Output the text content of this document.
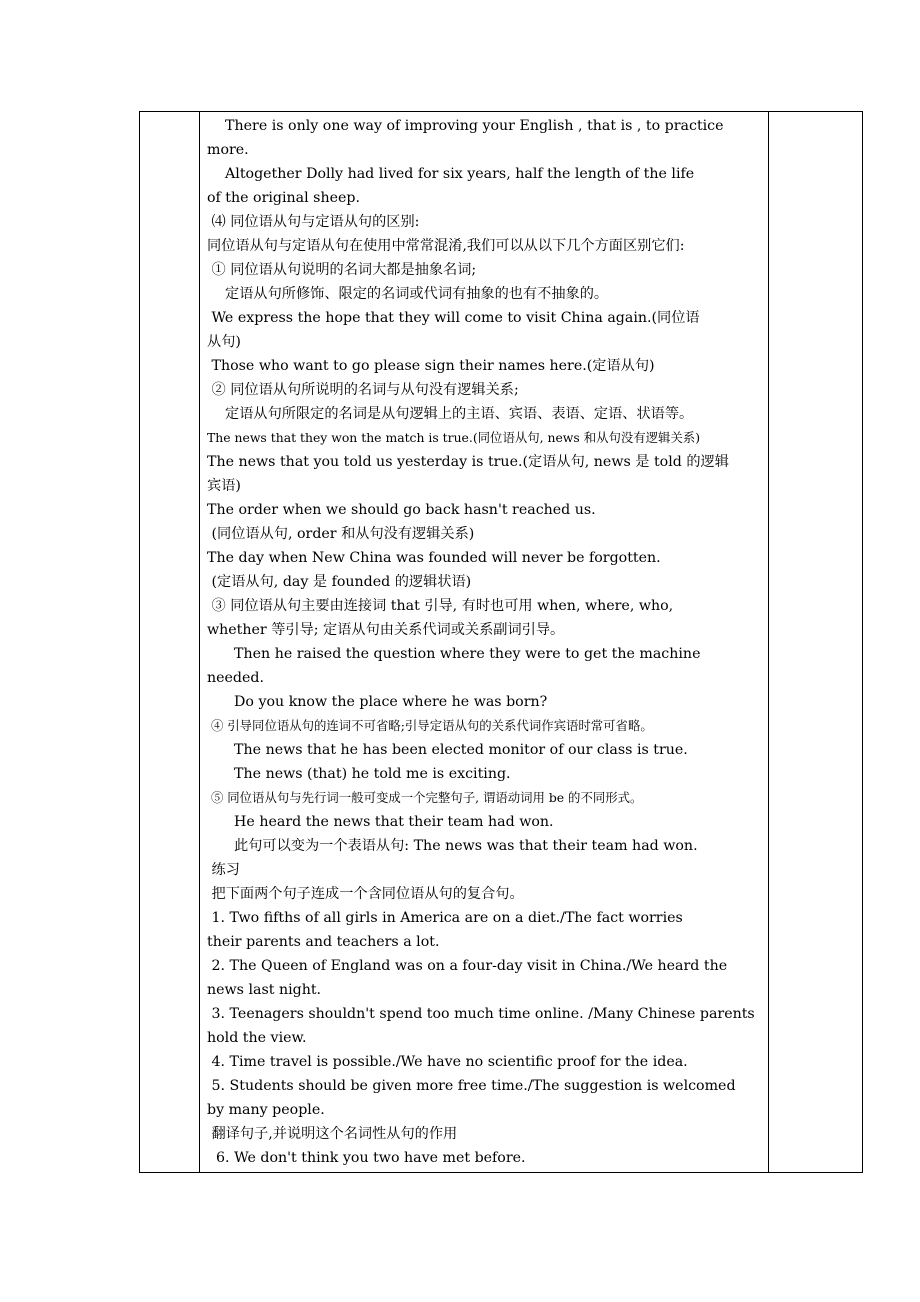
There is only one way of improving your English , that is , to practice
more.
Altogether Dolly had lived for six years, half the length of the life
of the original sheep.
⑷ 同位语从句与定语从句的区别:
同位语从句与定语从句在使用中常常混淆,我们可以从以下几个方面区别它们:
① 同位语从句说明的名词大都是抽象名词;
定语从句所修饰、限定的名词或代词有抽象的也有不抽象的。
We express the hope that they will come to visit China again.(同位语
从句)
Those who want to go please sign their names here.(定语从句)
② 同位语从句所说明的名词与从句没有逻辑关系;
定语从句所限定的名词是从句逻辑上的主语、宾语、表语、定语、状语等。
The news that they won the match is true.(同位语从句, news 和从句没有逻辑关系)
The news that you told us yesterday is true.(定语从句, news 是 told 的逻辑
宾语)
The order when we should go back hasn't reached us.
(同位语从句, order 和从句没有逻辑关系)
The day when New China was founded will never be forgotten.
(定语从句, day 是 founded 的逻辑状语)
③ 同位语从句主要由连接词 that 引导, 有时也可用 when, where, who,
whether 等引导; 定语从句由关系代词或关系副词引导。
Then he raised the question where they were to get the machine
needed.
Do you know the place where he was born?
④ 引导同位语从句的连词不可省略;引导定语从句的关系代词作宾语时常可省略。
The news that he has been elected monitor of our class is true.
The news (that) he told me is exciting.
⑤ 同位语从句与先行词一般可变成一个完整句子, 谓语动词用 be 的不同形式。
He heard the news that their team had won.
此句可以变为一个表语从句: The news was that their team had won.
练习
把下面两个句子连成一个含同位语从句的复合句。
1. Two fifths of all girls in America are on a diet./The fact worries
their parents and teachers a lot.
2. The Queen of England was on a four-day visit in China./We heard the
news last night.
3. Teenagers shouldn't spend too much time online. /Many Chinese parents
hold the view.
4. Time travel is possible./We have no scientific proof for the idea.
5. Students should be given more free time./The suggestion is welcomed
by many people.
翻译句子,并说明这个名词性从句的作用
6. We don't think you two have met before.
